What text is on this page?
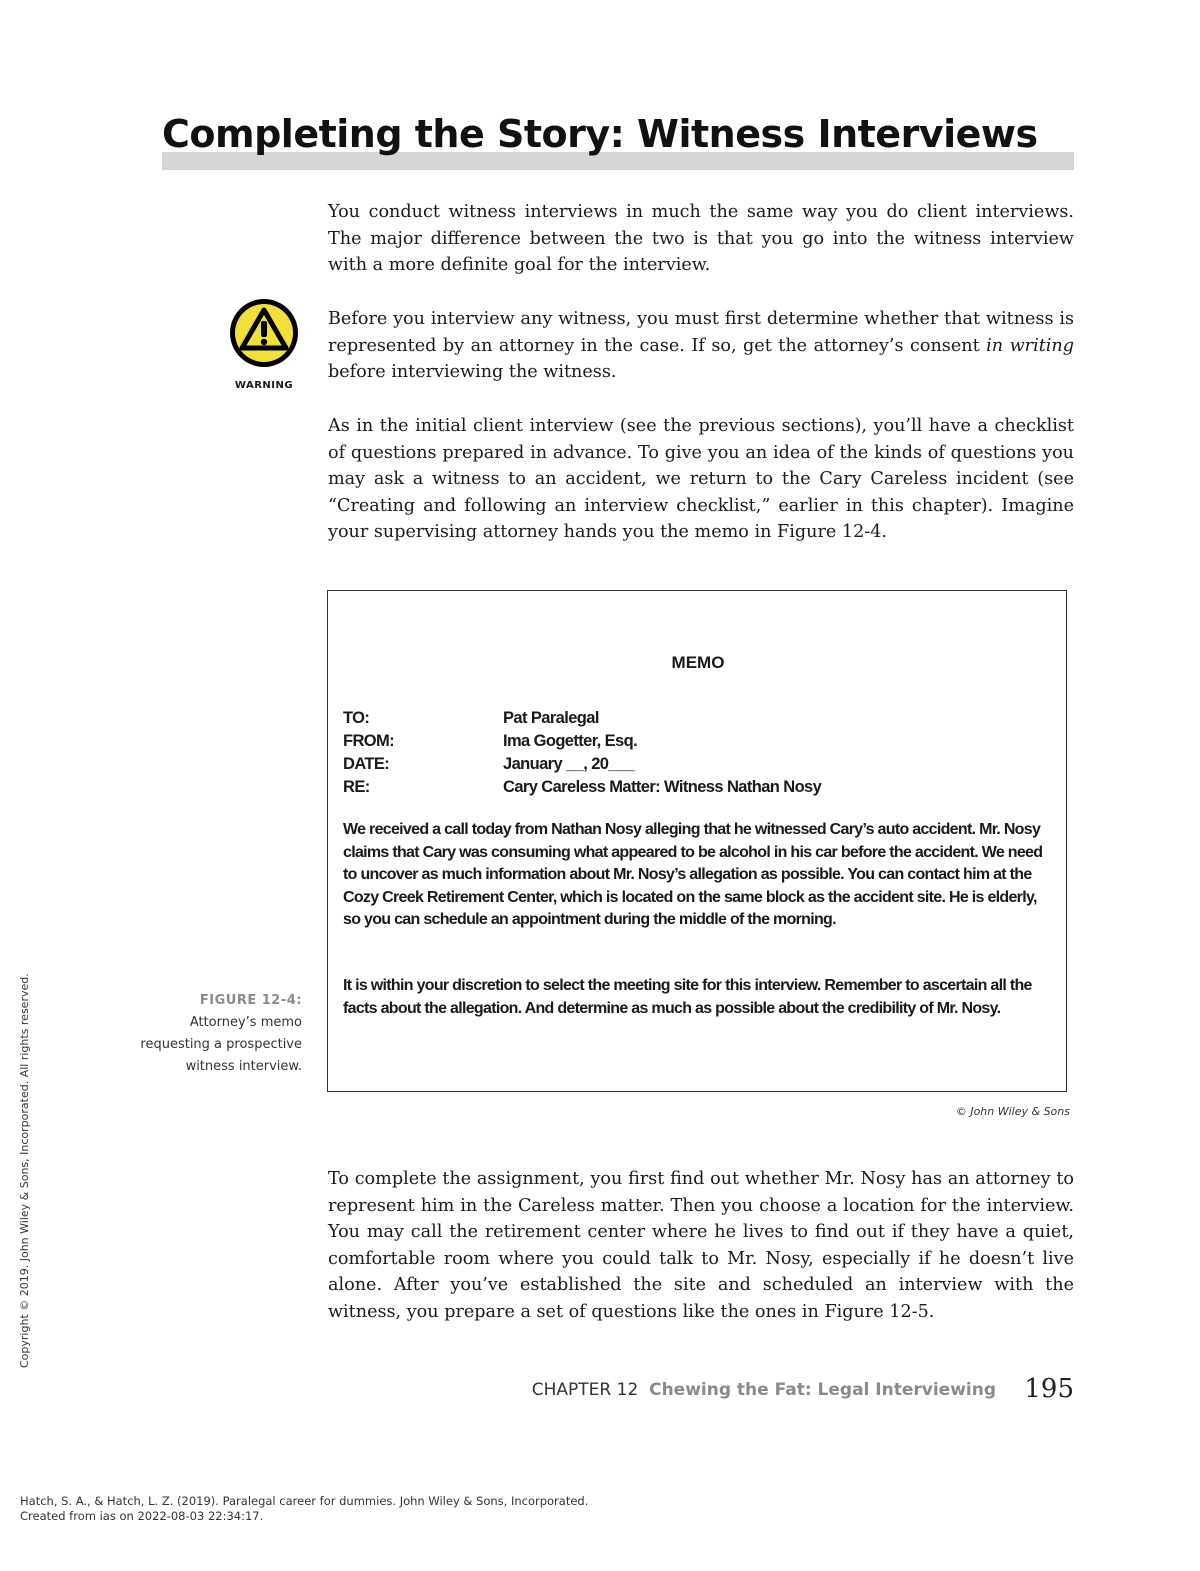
Completing the Story: Witness Interviews

You conduct witness interviews in much the same way you do client interviews. The major difference between the two is that you go into the witness interview with a more definite goal for the interview.

WARNING

Before you interview any witness, you must first determine whether that witness is represented by an attorney in the case. If so, get the attorney’s consent in writing before interviewing the witness.

As in the initial client interview (see the previous sections), you’ll have a checklist of questions prepared in advance. To give you an idea of the kinds of questions you may ask a witness to an accident, we return to the Cary Careless incident (see “Creating and following an interview checklist,” earlier in this chapter). Imagine your supervising attorney hands you the memo in Figure 12-4.

MEMO
TO:	Pat Paralegal
FROM:	Ima Gogetter, Esq.
DATE:	January __, 20___
RE:	Cary Careless Matter: Witness Nathan Nosy

We received a call today from Nathan Nosy alleging that he witnessed Cary’s auto accident. Mr. Nosy claims that Cary was consuming what appeared to be alcohol in his car before the accident. We need to uncover as much information about Mr. Nosy’s allegation as possible. You can contact him at the Cozy Creek Retirement Center, which is located on the same block as the accident site. He is elderly, so you can schedule an appointment during the middle of the morning.

It is within your discretion to select the meeting site for this interview. Remember to ascertain all the facts about the allegation. And determine as much as possible about the credibility of Mr. Nosy.

FIGURE 12-4:
Attorney’s memo requesting a prospective witness interview.
© John Wiley & Sons

To complete the assignment, you first find out whether Mr. Nosy has an attorney to represent him in the Careless matter. Then you choose a location for the interview. You may call the retirement center where he lives to find out if they have a quiet, comfortable room where you could talk to Mr. Nosy, especially if he doesn’t live alone. After you’ve established the site and scheduled an interview with the witness, you prepare a set of questions like the ones in Figure 12-5.

CHAPTER 12 Chewing the Fat: Legal Interviewing 195
Copyright © 2019. John Wiley & Sons, Incorporated. All rights reserved.
Hatch, S. A., & Hatch, L. Z. (2019). Paralegal career for dummies. John Wiley & Sons, Incorporated.
Created from ias on 2022-08-03 22:34:17.
